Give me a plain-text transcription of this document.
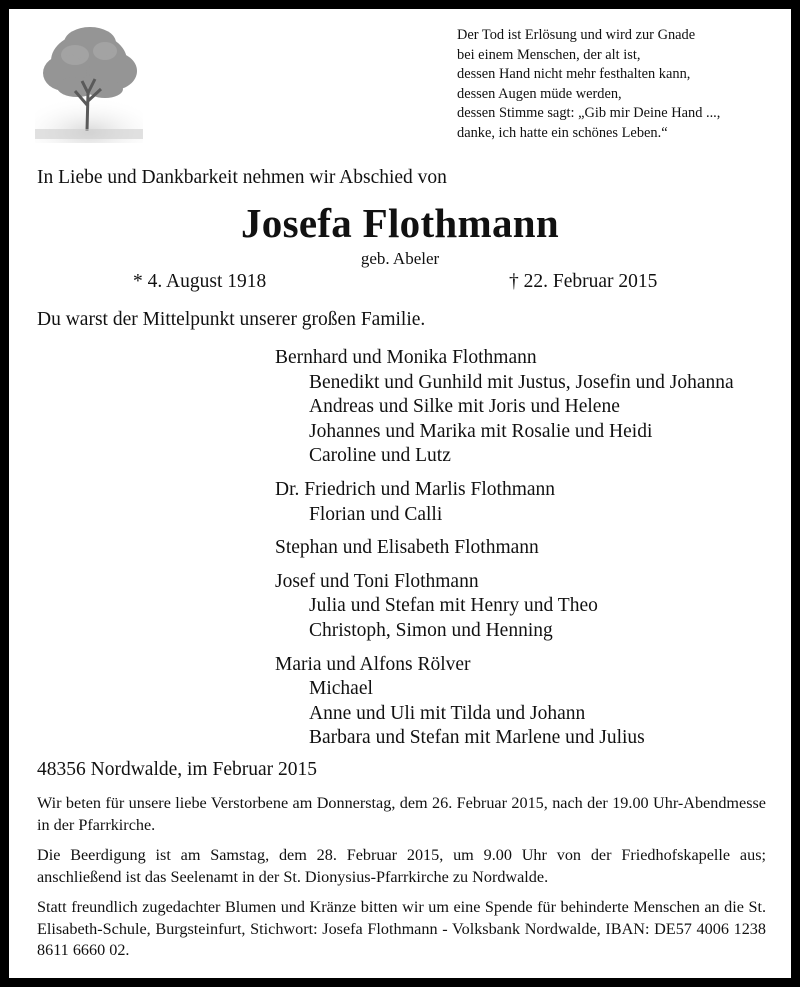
Der Tod ist Erlösung und wird zur Gnade
bei einem Menschen, der alt ist,
dessen Hand nicht mehr festhalten kann,
dessen Augen müde werden,
dessen Stimme sagt: „Gib mir Deine Hand ...,
danke, ich hatte ein schönes Leben.“
In Liebe und Dankbarkeit nehmen wir Abschied von
Josefa Flothmann
geb. Abeler
* 4. August 1918	† 22. Februar 2015
Du warst der Mittelpunkt unserer großen Familie.
Bernhard und Monika Flothmann
Benedikt und Gunhild mit Justus, Josefin und Johanna
Andreas und Silke mit Joris und Helene
Johannes und Marika mit Rosalie und Heidi
Caroline und Lutz
Dr. Friedrich und Marlis Flothmann
Florian und Calli
Stephan und Elisabeth Flothmann
Josef und Toni Flothmann
Julia und Stefan mit Henry und Theo
Christoph, Simon und Henning
Maria und Alfons Rölver
Michael
Anne und Uli mit Tilda und Johann
Barbara und Stefan mit Marlene und Julius
48356 Nordwalde, im Februar 2015
Wir beten für unsere liebe Verstorbene am Donnerstag, dem 26. Februar 2015, nach der 19.00 Uhr-Abendmesse in der Pfarrkirche.
Die Beerdigung ist am Samstag, dem 28. Februar 2015, um 9.00 Uhr von der Friedhofskapelle aus; anschließend ist das Seelenamt in der St. Dionysius-Pfarrkirche zu Nordwalde.
Statt freundlich zugedachter Blumen und Kränze bitten wir um eine Spende für behinderte Menschen an die St. Elisabeth-Schule, Burgsteinfurt, Stichwort: Josefa Flothmann - Volksbank Nordwalde, IBAN: DE57 4006 1238 8611 6660 02.
